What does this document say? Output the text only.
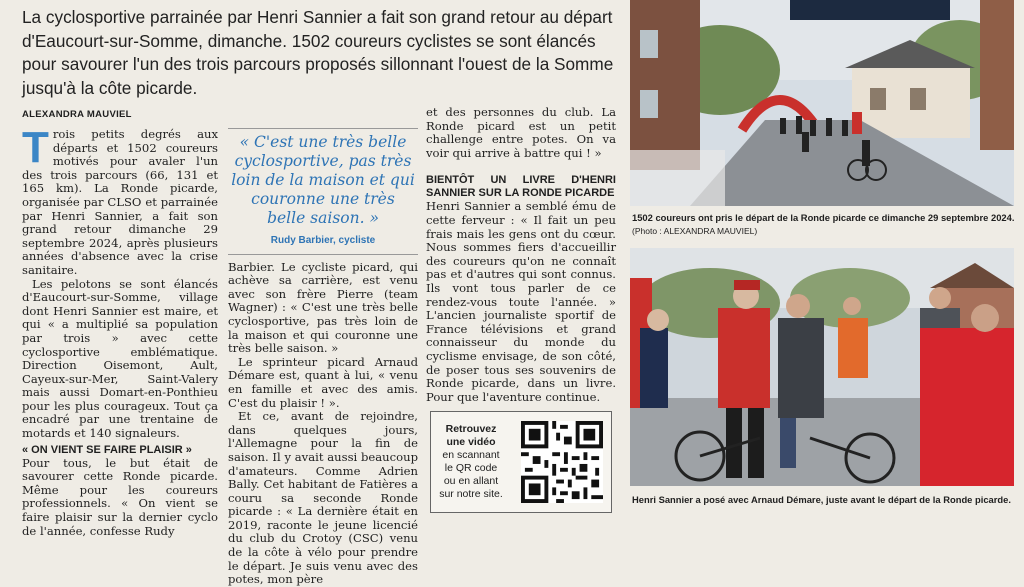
La cyclosportive parrainée par Henri Sannier a fait son grand retour au départ d'Eaucourt-sur-Somme, dimanche. 1502 coureurs cyclistes se sont élancés pour savourer l'un des trois parcours proposés sillonnant l'ouest de la Somme jusqu'à la côte picarde.
ALEXANDRA MAUVIEL

Trois petits degrés aux départs et 1502 coureurs motivés pour avaler l'un des trois parcours (66, 131 et 165 km). La Ronde picarde, organisée par CLSO et parrainée par Henri Sannier, a fait son grand retour dimanche 29 septembre 2024, après plusieurs années d'absence avec la crise sanitaire.

Les pelotons se sont élancés d'Eaucourt-sur-Somme, village dont Henri Sannier est maire, et qui « a multiplié sa population par trois » avec cette cyclosportive emblématique. Direction Oisemont, Ault, Cayeux-sur-Mer, Saint-Valery mais aussi Domart-en-Ponthieu pour les plus courageux. Tout ça encadré par une trentaine de motards et 140 signaleurs.

« ON VIENT SE FAIRE PLAISIR »

Pour tous, le but était de savourer cette Ronde picarde. Même pour les coureurs professionnels. « On vient se faire plaisir sur la dernier cyclo de l'année, confesse Rudy

« C'est une très belle cyclosportive, pas très loin de la maison et qui couronne une très belle saison. »
Rudy Barbier, cycliste

Barbier. Le cycliste picard, qui achève sa carrière, est venu avec son frère Pierre (team Wagner) : « C'est une très belle cyclosportive, pas très loin de la maison et qui couronne une très belle saison. »

Le sprinteur picard Arnaud Démare est, quant à lui, « venu en famille et avec des amis. C'est du plaisir ! ».

Et ce, avant de rejoindre, dans quelques jours, l'Allemagne pour la fin de saison. Il y avait aussi beaucoup d'amateurs. Comme Adrien Bally. Cet habitant de Fatières a couru sa seconde Ronde picarde : « La dernière était en 2019, raconte le jeune licencié du club du Crotoy (CSC) venu de la côte à vélo pour prendre le départ. Je suis venu avec des potes, mon père

et des personnes du club. La Ronde picard est un petit challenge entre potes. On va voir qui arrive à battre qui ! »

BIENTÔT UN LIVRE D'HENRI SANNIER SUR LA RONDE PICARDE

Henri Sannier a semblé ému de cette ferveur : « Il fait un peu frais mais les gens ont du cœur. Nous sommes fiers d'accueillir des coureurs qu'on ne connaît pas et d'autres qui sont connus. Ils vont tous parler de ce rendez-vous toute l'année. » L'ancien journaliste sportif de France télévisions et grand connaisseur du monde du cyclisme envisage, de son côté, de poser tous ses souvenirs de Ronde picarde, dans un livre. Pour que l'aventure continue.

Retrouvez
une vidéo
en scannant
le QR code
ou en allant
sur notre site.
1502 coureurs ont pris le départ de la Ronde picarde ce dimanche 29 septembre 2024.
(Photo : ALEXANDRA MAUVIEL)
Henri Sannier a posé avec Arnaud Démare, juste avant le départ de la Ronde picarde.
